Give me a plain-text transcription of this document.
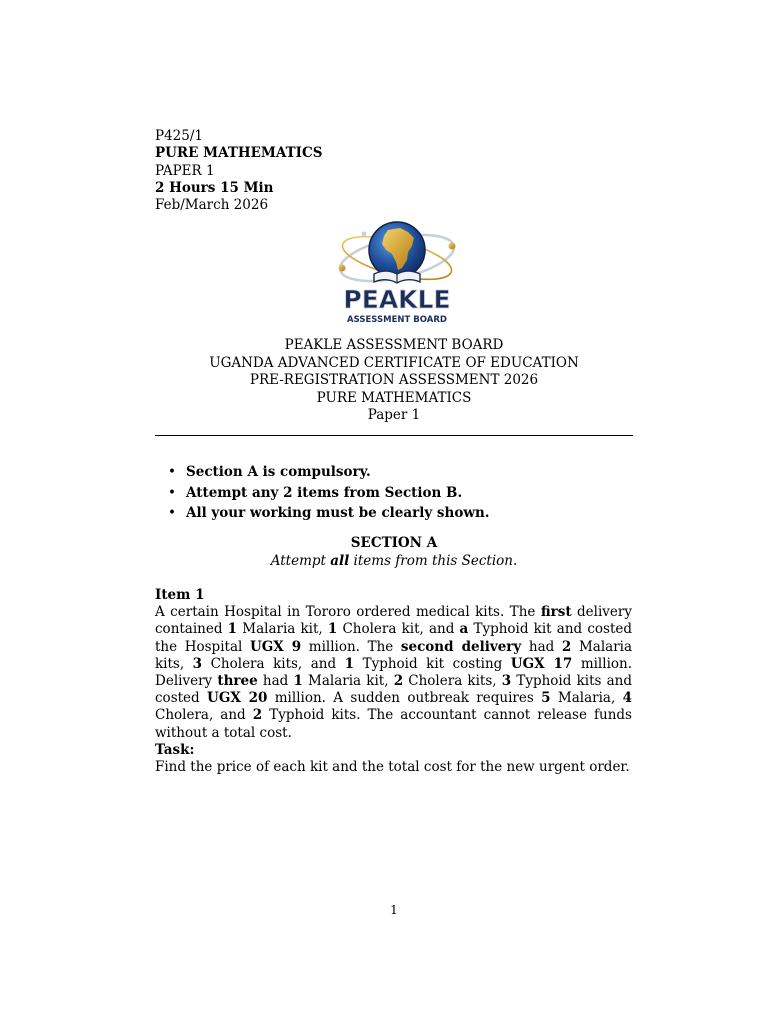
P425/1
PURE MATHEMATICS
PAPER 1
2 Hours 15 Min
Feb/March 2026
PEAKLE
ASSESSMENT BOARD
PEAKLE ASSESSMENT BOARD
UGANDA ADVANCED CERTIFICATE OF EDUCATION
PRE-REGISTRATION ASSESSMENT 2026
PURE MATHEMATICS
Paper 1
• Section A is compulsory.
• Attempt any 2 items from Section B.
• All your working must be clearly shown.
SECTION A
Attempt all items from this Section.
Item 1
A certain Hospital in Tororo ordered medical kits. The first delivery contained 1 Malaria kit, 1 Cholera kit, and a Typhoid kit and costed the Hospital UGX 9 million. The second delivery had 2 Malaria kits, 3 Cholera kits, and 1 Typhoid kit costing UGX 17 million. Delivery three had 1 Malaria kit, 2 Cholera kits, 3 Typhoid kits and costed UGX 20 million. A sudden outbreak requires 5 Malaria, 4 Cholera, and 2 Typhoid kits. The accountant cannot release funds without a total cost.
Task:
Find the price of each kit and the total cost for the new urgent order.
1
